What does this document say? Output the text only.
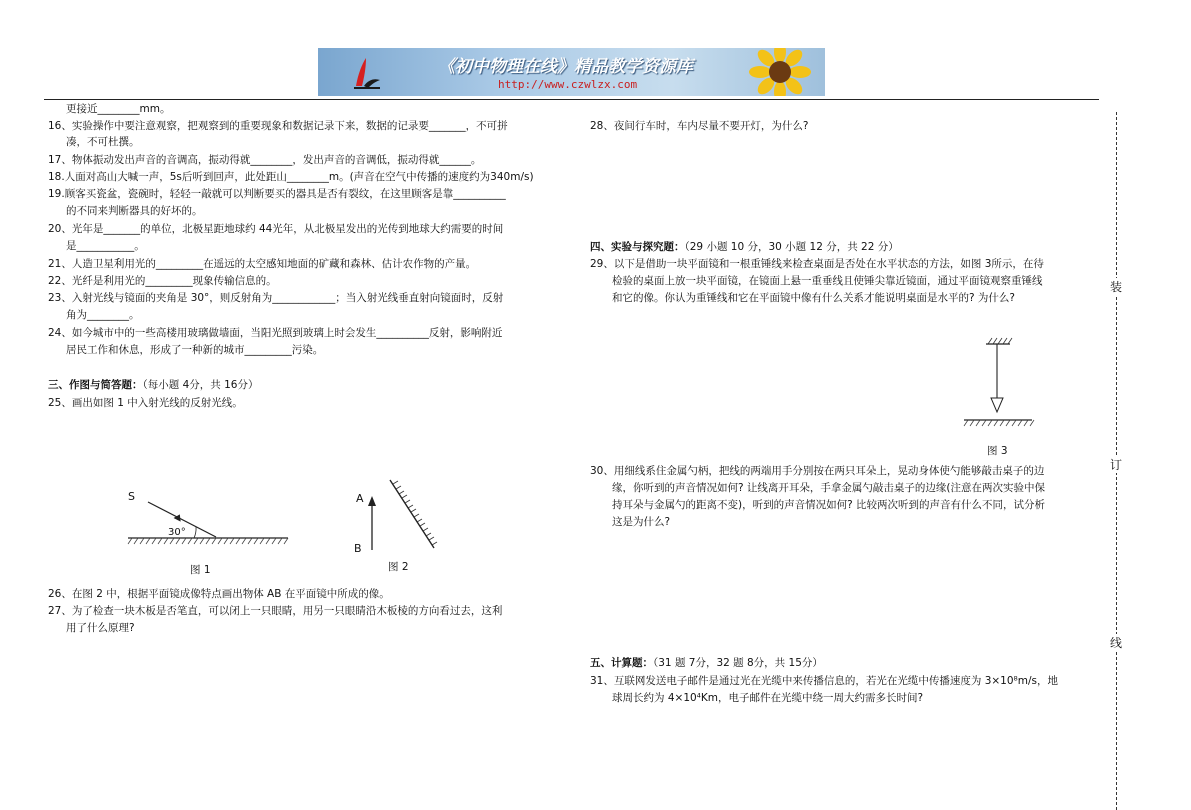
《初中物理在线》精品教学资源库
http://www.czwlzx.com
装
订
线
更接近________mm。
16、实验操作中要注意观察，把观察到的重要现象和数据记录下来，数据的记录要_______，不可拼
凑，不可杜撰。
17、物体振动发出声音的音调高，振动得就________，发出声音的音调低，振动得就______。
18.人面对高山大喊一声，5s后听到回声，此处距山________m。(声音在空气中传播的速度约为340m/s)
19.顾客买瓷盆，瓷碗时，轻轻一敲就可以判断要买的器具是否有裂纹，在这里顾客是靠__________
的不同来判断器具的好坏的。
20、光年是_______的单位，北极星距地球约 44光年，从北极星发出的光传到地球大约需要的时间
是___________。
21、人造卫星利用光的_________在遥远的太空感知地面的矿藏和森林、估计农作物的产量。
22、光纤是利用光的_________现象传输信息的。
23、入射光线与镜面的夹角是 30°，则反射角为____________；当入射光线垂直射向镜面时，反射
角为________。
24、如今城市中的一些高楼用玻璃做墙面，当阳光照到玻璃上时会发生__________反射，影响附近
居民工作和休息，形成了一种新的城市_________污染。
三、作图与简答题：（每小题 4分，共 16分）
25、画出如图 1 中入射光线的反射光线。
S
30°
图 1
A
B
图 2
26、在图 2 中，根据平面镜成像特点画出物体 AB 在平面镜中所成的像。
27、为了检查一块木板是否笔直，可以闭上一只眼睛，用另一只眼睛沿木板棱的方向看过去，这利
用了什么原理?
28、夜间行车时，车内尽量不要开灯，为什么?
四、实验与探究题：（29 小题 10 分，30 小题 12 分，共 22 分）
29、以下是借助一块平面镜和一根重锤线来检查桌面是否处在水平状态的方法，如图 3所示，在待
检验的桌面上放一块平面镜，在镜面上悬一重垂线且使锤尖靠近镜面，通过平面镜观察重锤线
和它的像。你认为重锤线和它在平面镜中像有什么关系才能说明桌面是水平的? 为什么?
图 3
30、用细线系住金属勺柄，把线的两端用手分别按在两只耳朵上，晃动身体使勺能够敲击桌子的边
缘，你听到的声音情况如何? 让线离开耳朵，手拿金属勺敲击桌子的边缘(注意在两次实验中保
持耳朵与金属勺的距离不变)，听到的声音情况如何? 比较两次听到的声音有什么不同，试分析
这是为什么?
五、计算题：（31 题 7分，32 题 8分，共 15分）
31、互联网发送电子邮件是通过光在光缆中来传播信息的，若光在光缆中传播速度为 3×10⁸m/s，地
球周长约为 4×10⁴Km，电子邮件在光缆中绕一周大约需多长时间?
